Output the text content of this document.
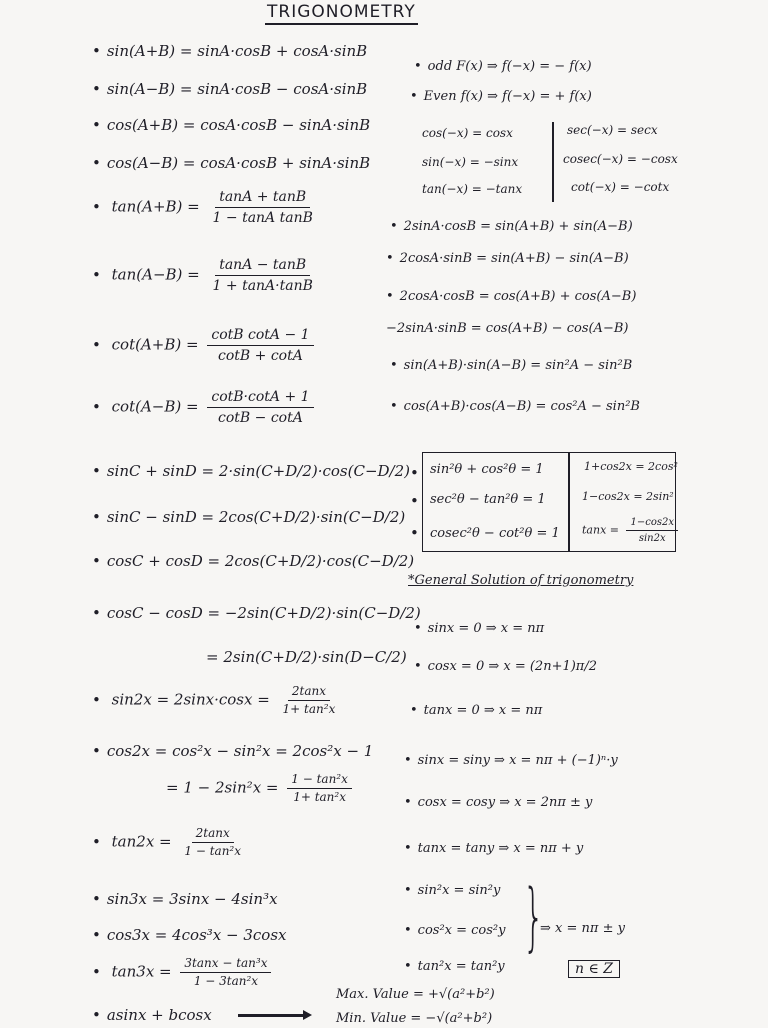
TRIGONOMETRY
• sin(A+B) = sinA·cosB + cosA·sinB
• sin(A−B) = sinA·cosB − cosA·sinB
• cos(A+B) = cosA·cosB − sinA·sinB
• cos(A−B) = cosA·cosB + sinA·sinB
• $\tan(A+B) = \frac{\tan A + \tan B}{\text{1 − tanA tanB}}$
• $\tan(A-B) = \frac{\tan A - \tan B}{1 + \tan A\cdot\tan B}$
• $\cot(A+B) = \frac{\text{cotB cotA − 1}}{\cot B + \cot A}$
• $\cot(A-B) = \frac{\cot B\cdot\cot A + 1}{\cot B - \cot A}$
• sinC + sinD = 2·sin(C+D/2)·cos(C−D/2)
• sinC − sinD = 2cos(C+D/2)·sin(C−D/2)
• cosC + cosD = 2cos(C+D/2)·cos(C−D/2)
• cosC − cosD = −2sin(C+D/2)·sin(C−D/2)
= 2sin(C+D/2)·sin(D−C/2)
• $\sin 2x = 2\sin x\cdot\cos x = \frac{2\tan x}{\text{1+ tan²x}}$
• cos2x = cos²x − sin²x = 2cos²x − 1
= $1 - 2\sin^2x = \frac{\text{1 − tan²x}}{\text{1+ tan²x}}$
• $\tan 2x = \frac{2\tan x}{\text{1 − tan²x}}$
• sin3x = 3sinx − 4sin³x
• cos3x = 4cos³x − 3cosx
• $\tan 3x = \frac{\text{3tanx − tan³x}}{\text{1 − 3tan²x}}$
• asinx + bcosx
Max. Value = +√(a²+b²)
Min. Value = −√(a²+b²)
• odd F(x) ⇒ f(−x) = − f(x)
• Even f(x) ⇒ f(−x) = + f(x)
cos(−x) = cosx
sin(−x) = −sinx
tan(−x) = −tanx
sec(−x) = secx
cosec(−x) = −cosx
cot(−x) = −cotx
• 2sinA·cosB = sin(A+B) + sin(A−B)
• 2cosA·sinB = sin(A+B) − sin(A−B)
• 2cosA·cosB = cos(A+B) + cos(A−B)
−2sinA·sinB = cos(A+B) − cos(A−B)
• sin(A+B)·sin(A−B) = sin²A − sin²B
• cos(A+B)·cos(A−B) = cos²A − sin²B
sin²θ + cos²θ = 1
sec²θ − tan²θ = 1
cosec²θ − cot²θ = 1
1+cos2x = 2cos²
1−cos2x = 2sin²
$\tan x = \frac{1-\cos 2x}{\sin 2x}$
•
•
•
*General Solution of trigonometry
• sinx = 0 ⇒ x = nπ
• cosx = 0 ⇒ x = (2n+1)π/2
• tanx = 0 ⇒ x = nπ
• sinx = siny ⇒ x = nπ + (−1)ⁿ·y
• cosx = cosy ⇒ x = 2nπ ± y
• tanx = tany ⇒ x = nπ + y
• sin²x = sin²y
• cos²x = cos²y
• tan²x = tan²y
}
⇒ x = nπ ± y
n ∈ Z
